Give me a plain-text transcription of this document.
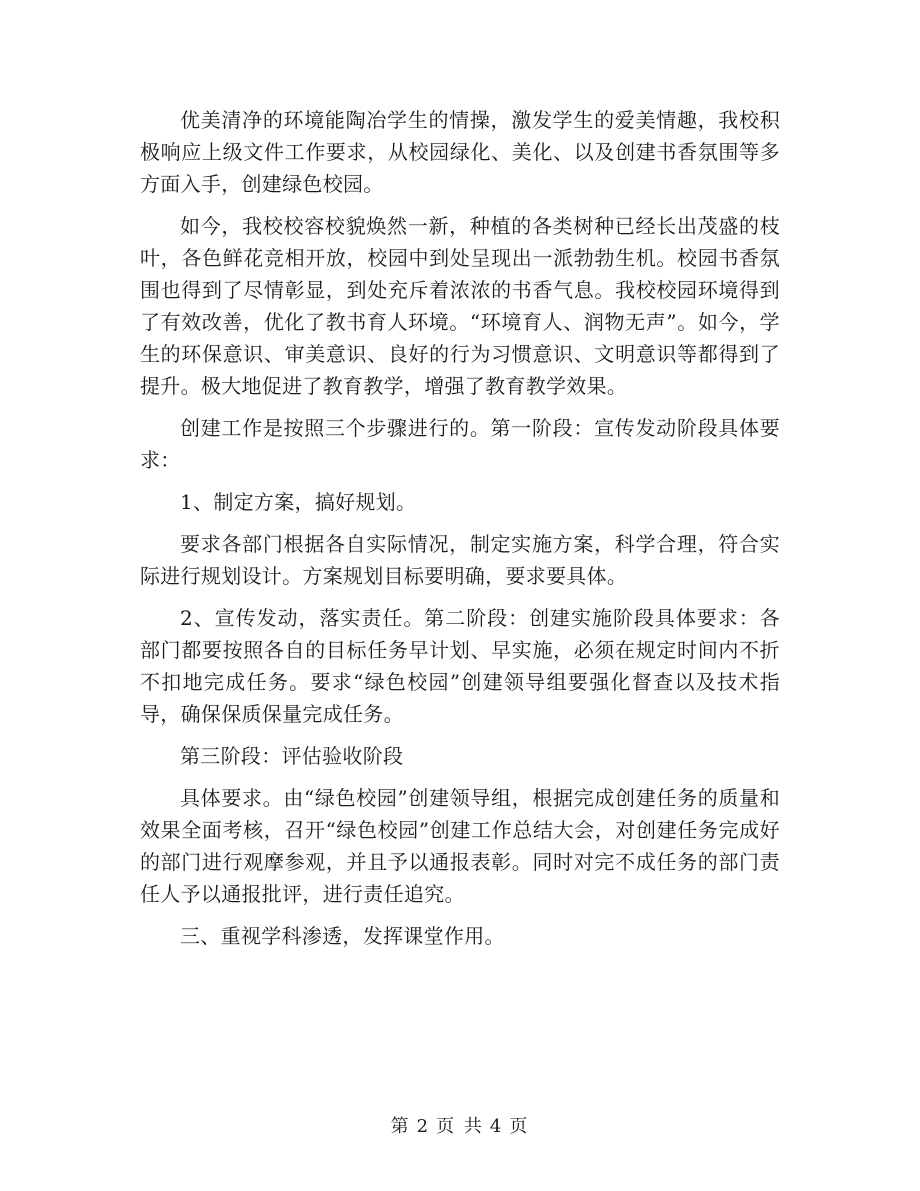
优美清净的环境能陶冶学生的情操，激发学生的爱美情趣，我校积极响应上级文件工作要求，从校园绿化、美化、以及创建书香氛围等多方面入手，创建绿色校园。

如今，我校校容校貌焕然一新，种植的各类树种已经长出茂盛的枝叶，各色鲜花竞相开放，校园中到处呈现出一派勃勃生机。校园书香氛围也得到了尽情彰显，到处充斥着浓浓的书香气息。我校校园环境得到了有效改善，优化了教书育人环境。“环境育人、润物无声”。如今，学生的环保意识、审美意识、良好的行为习惯意识、文明意识等都得到了提升。极大地促进了教育教学，增强了教育教学效果。

创建工作是按照三个步骤进行的。第一阶段：宣传发动阶段具体要求：

1、制定方案，搞好规划。

要求各部门根据各自实际情况，制定实施方案，科学合理，符合实际进行规划设计。方案规划目标要明确，要求要具体。

2、宣传发动，落实责任。第二阶段：创建实施阶段具体要求：各部门都要按照各自的目标任务早计划、早实施，必须在规定时间内不折不扣地完成任务。要求“绿色校园”创建领导组要强化督查以及技术指导，确保保质保量完成任务。

第三阶段：评估验收阶段

具体要求。由“绿色校园”创建领导组，根据完成创建任务的质量和效果全面考核，召开“绿色校园”创建工作总结大会，对创建任务完成好的部门进行观摩参观，并且予以通报表彰。同时对完不成任务的部门责任人予以通报批评，进行责任追究。

三、重视学科渗透，发挥课堂作用。

第 2 页 共 4 页
